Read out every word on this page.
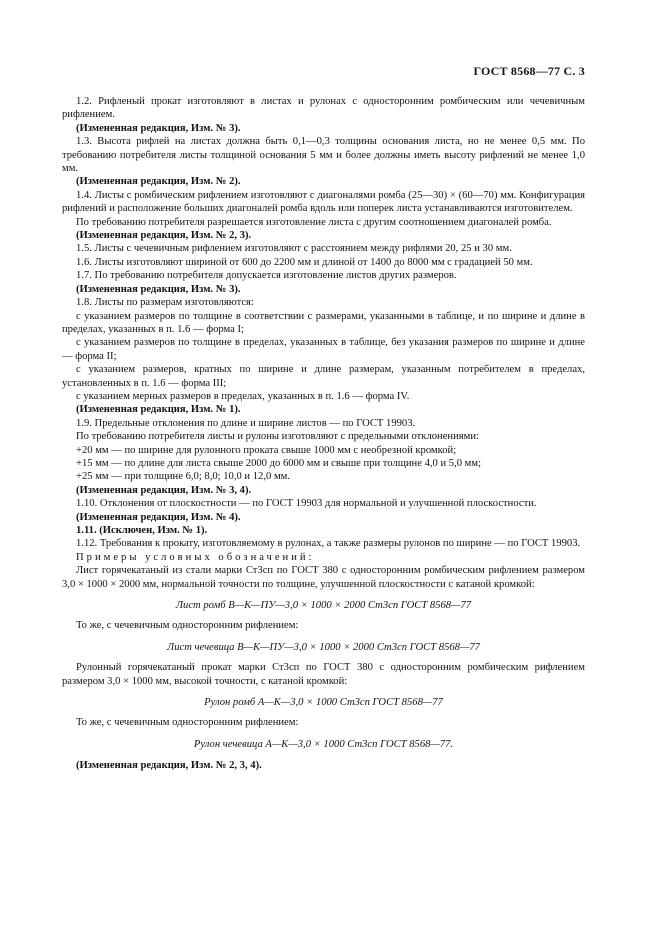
ГОСТ 8568—77 С. 3

1.2. Рифленый прокат изготовляют в листах и рулонах с односторонним ромбическим или чечевичным рифлением.

(Измененная редакция, Изм. № 3).

1.3. Высота рифлей на листах должна быть 0,1—0,3 толщины основания листа, но не менее 0,5 мм. По требованию потребителя листы толщиной основания 5 мм и более должны иметь высоту рифлений не менее 1,0 мм.

(Измененная редакция, Изм. № 2).

1.4. Листы с ромбическим рифлением изготовляют с диагоналями ромба (25—30) × (60—70) мм. Конфигурация рифлений и расположение больших диагоналей ромба вдоль или поперек листа устанавливаются изготовителем.

По требованию потребителя разрешается изготовление листа с другим соотношением диагоналей ромба.

(Измененная редакция, Изм. № 2, 3).

1.5. Листы с чечевичным рифлением изготовляют с расстоянием между рифлями 20, 25 и 30 мм.

1.6. Листы изготовляют шириной от 600 до 2200 мм и длиной от 1400 до 8000 мм с градацией 50 мм.

1.7. По требованию потребителя допускается изготовление листов других размеров.

(Измененная редакция, Изм. № 3).

1.8. Листы по размерам изготовляются:

с указанием размеров по толщине в соответствии с размерами, указанными в таблице, и по ширине и длине в пределах, указанных в п. 1.6 — форма I;

с указанием размеров по толщине в пределах, указанных в таблице, без указания размеров по ширине и длине — форма II;

с указанием размеров, кратных по ширине и длине размерам, указанным потребителем в пределах, установленных в п. 1.6 — форма III;

с указанием мерных размеров в пределах, указанных в п. 1.6 — форма IV.

(Измененная редакция, Изм. № 1).

1.9. Предельные отклонения по длине и ширине листов — по ГОСТ 19903.

По требованию потребителя листы и рулоны изготовляют с предельными отклонениями:

+20 мм — по ширине для рулонного проката свыше 1000 мм с необрезной кромкой;

+15 мм — по длине для листа свыше 2000 до 6000 мм и свыше при толщине 4,0 и 5,0 мм;

+25 мм — при толщине 6,0; 8,0; 10,0 и 12,0 мм.

(Измененная редакция, Изм. № 3, 4).

1.10. Отклонения от плоскостности — по ГОСТ 19903 для нормальной и улучшенной плоскостности.

(Измененная редакция, Изм. № 4).

1.11. (Исключен, Изм. № 1).

1.12. Требования к прокату, изготовляемому в рулонах, а также размеры рулонов по ширине — по ГОСТ 19903.

Примеры условных обозначений:

Лист горячекатаный из стали марки Ст3сп по ГОСТ 380 с односторонним ромбическим рифлением размером 3,0 × 1000 × 2000 мм, нормальной точности по толщине, улучшенной плоскостности с катаной кромкой:

Лист ромб В—К—ПУ—3,0 × 1000 × 2000 Ст3сп ГОСТ 8568—77

То же, с чечевичным односторонним рифлением:

Лист чечевица В—К—ПУ—3,0 × 1000 × 2000 Ст3сп ГОСТ 8568—77

Рулонный горячекатаный прокат марки Ст3сп по ГОСТ 380 с односторонним ромбическим рифлением размером 3,0 × 1000 мм, высокой точности, с катаной кромкой:

Рулон ромб А—К—3,0 × 1000 Ст3сп ГОСТ 8568—77

То же, с чечевичным односторонним рифлением:

Рулон чечевица А—К—3,0 × 1000 Ст3сп ГОСТ 8568—77.

(Измененная редакция, Изм. № 2, 3, 4).
